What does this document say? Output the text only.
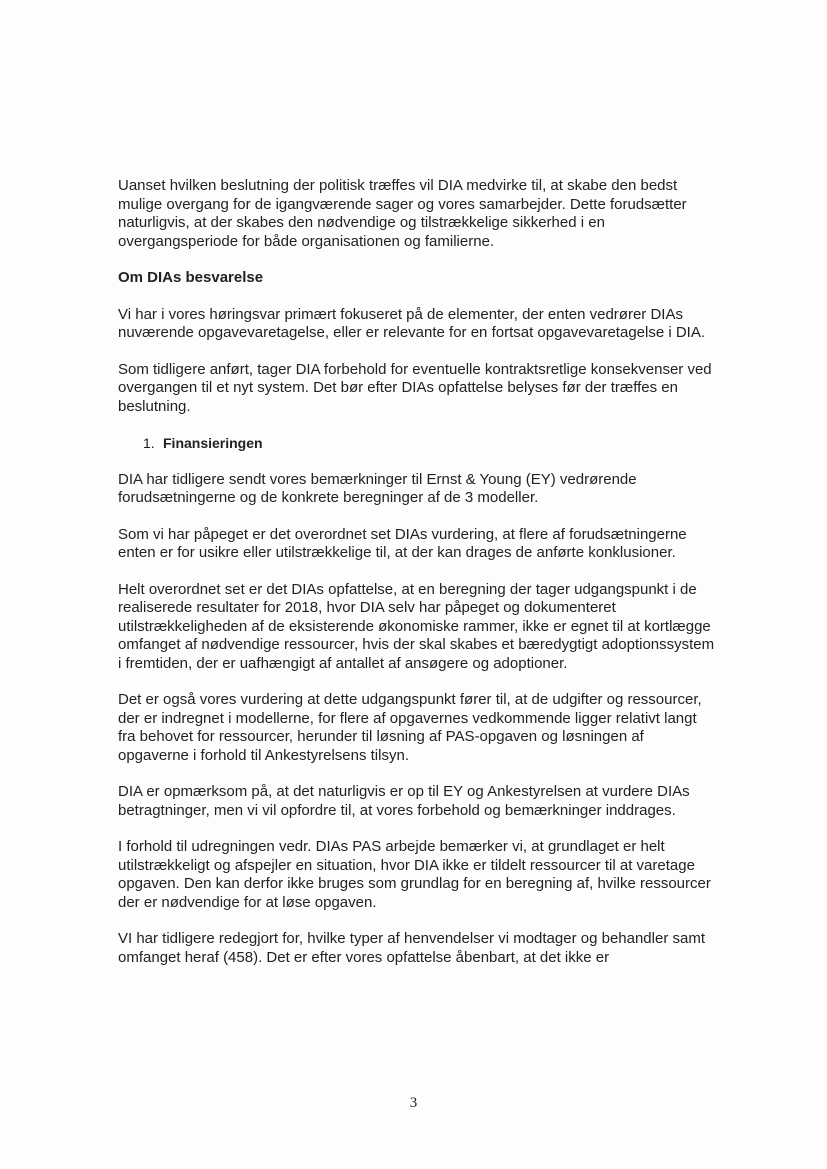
Uanset hvilken beslutning der politisk træffes vil DIA medvirke til, at skabe den bedst mulige overgang for de igangværende sager og vores samarbejder. Dette forudsætter naturligvis, at der skabes den nødvendige og tilstrækkelige sikkerhed i en overgangsperiode for både organisationen og familierne.

Om DIAs besvarelse

Vi har i vores høringsvar primært fokuseret på de elementer, der enten vedrører DIAs nuværende opgavevaretagelse, eller er relevante for en fortsat opgavevaretagelse i DIA.

Som tidligere anført, tager DIA forbehold for eventuelle kontraktsretlige konsekvenser ved overgangen til et nyt system. Det bør efter DIAs opfattelse belyses før der træffes en beslutning.

1. Finansieringen

DIA har tidligere sendt vores bemærkninger til Ernst & Young (EY) vedrørende forudsætningerne og de konkrete beregninger af de 3 modeller.

Som vi har påpeget er det overordnet set DIAs vurdering, at flere af forudsætningerne enten er for usikre eller utilstrækkelige til, at der kan drages de anførte konklusioner.

Helt overordnet set er det DIAs opfattelse, at en beregning der tager udgangspunkt i de realiserede resultater for 2018, hvor DIA selv har påpeget og dokumenteret utilstrækkeligheden af de eksisterende økonomiske rammer, ikke er egnet til at kortlægge omfanget af nødvendige ressourcer, hvis der skal skabes et bæredygtigt adoptionssystem i fremtiden, der er uafhængigt af antallet af ansøgere og adoptioner.

Det er også vores vurdering at dette udgangspunkt fører til, at de udgifter og ressourcer, der er indregnet i modellerne, for flere af opgavernes vedkommende ligger relativt langt fra behovet for ressourcer, herunder til løsning af PAS-opgaven og løsningen af opgaverne i forhold til Ankestyrelsens tilsyn.

DIA er opmærksom på, at det naturligvis er op til EY og Ankestyrelsen at vurdere DIAs betragtninger, men vi vil opfordre til, at vores forbehold og bemærkninger inddrages.

I forhold til udregningen vedr. DIAs PAS arbejde bemærker vi, at grundlaget er helt utilstrækkeligt og afspejler en situation, hvor DIA ikke er tildelt ressourcer til at varetage opgaven. Den kan derfor ikke bruges som grundlag for en beregning af, hvilke ressourcer der er nødvendige for at løse opgaven.

VI har tidligere redegjort for, hvilke typer af henvendelser vi modtager og behandler samt omfanget heraf (458). Det er efter vores opfattelse åbenbart, at det ikke er

3
